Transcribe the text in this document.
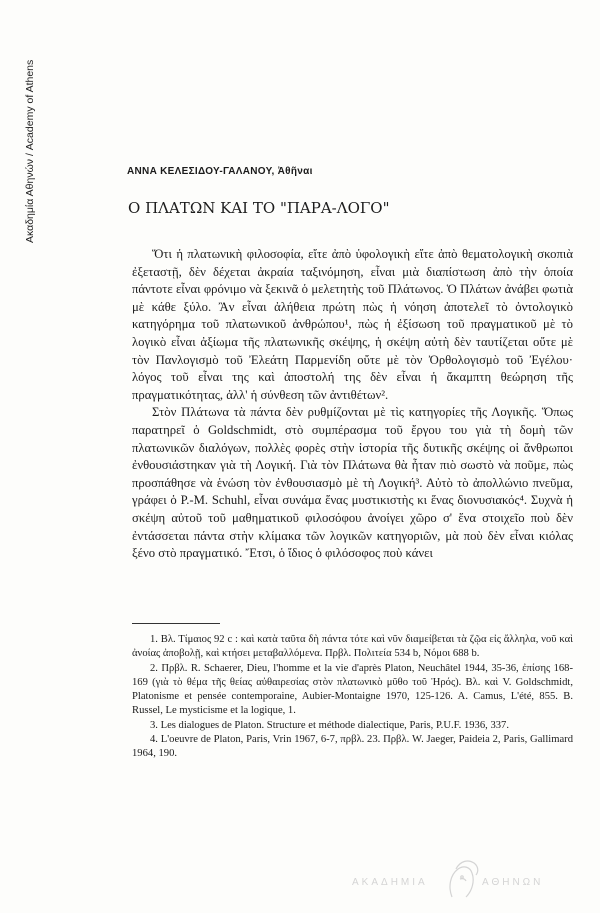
Ακαδημία Αθηνών / Academy of Athens	ΑΝΝΑ ΚΕΛΕΣΙΔΟΥ-ΓΑΛΑΝΟΥ, Ἀθῆναι
Ο ΠΛΑΤΩΝ ΚΑΙ ΤΟ "ΠΑΡΑ-ΛΟΓΟ"

Ὅτι ἡ πλατωνικὴ φιλοσοφία, εἴτε ἀπὸ ὑφολογικὴ εἴτε ἀπὸ θεματολογικὴ σκοπιὰ ἐξεταστῇ, δὲν δέχεται ἀκραία ταξινόμηση, εἶναι μιὰ διαπίστωση ἀπὸ τὴν ὁποία πάντοτε εἶναι φρόνιμο νὰ ξεκινᾶ ὁ μελετητὴς τοῦ Πλάτωνος. Ὁ Πλάτων ἀνάβει φωτιὰ μὲ κάθε ξύλο. Ἂν εἶναι ἀλήθεια πρώτη πὼς ἡ νόηση ἀποτελεῖ τὸ ὀντολογικὸ κατηγόρημα τοῦ πλατωνικοῦ ἀνθρώπου¹, πὼς ἡ ἐξίσωση τοῦ πραγματικοῦ μὲ τὸ λογικὸ εἶναι ἀξίωμα τῆς πλατωνικῆς σκέψης, ἡ σκέψη αὐτὴ δὲν ταυτίζεται οὔτε μὲ τὸν Πανλογισμὸ τοῦ Ἐλεάτη Παρμενίδη οὔτε μὲ τὸν Ὀρθολογισμὸ τοῦ Ἐγέλου· λόγος τοῦ εἶναι της καὶ ἀποστολή της δὲν εἶναι ἡ ἄκαμπτη θεώρηση τῆς πραγματικότητας, ἀλλ' ἡ σύνθεση τῶν ἀντιθέτων².

Στὸν Πλάτωνα τὰ πάντα δὲν ρυθμίζονται μὲ τὶς κατηγορίες τῆς Λογικῆς. Ὅπως παρατηρεῖ ὁ Goldschmidt, στὸ συμπέρασμα τοῦ ἔργου του γιὰ τὴ δομὴ τῶν πλατωνικῶν διαλόγων, πολλὲς φορὲς στὴν ἱστορία τῆς δυτικῆς σκέψης οἱ ἄνθρωποι ἐνθουσιάστηκαν γιὰ τὴ Λογική. Γιὰ τὸν Πλάτωνα θὰ ἦταν πιὸ σωστὸ νὰ ποῦμε, πὼς προσπάθησε νὰ ἑνώση τὸν ἐνθουσιασμὸ μὲ τὴ Λογική³. Αὐτὸ τὸ ἀπολλώνιο πνεῦμα, γράφει ὁ P.-M. Schuhl, εἶναι συνάμα ἕνας μυστικιστὴς κι ἕνας διονυσιακός⁴. Συχνὰ ἡ σκέψη αὐτοῦ τοῦ μαθηματικοῦ φιλοσόφου ἀνοίγει χῶρο σ' ἕνα στοιχεῖο ποὺ δὲν ἐντάσσεται πάντα στὴν κλίμακα τῶν λογικῶν κατηγοριῶν, μὰ ποὺ δὲν εἶναι κιόλας ξένο στὸ πραγματικό. Ἔτσι, ὁ ἴδιος ὁ φιλόσοφος ποὺ κάνει

1. Βλ. Τίμαιος 92 c : καὶ κατὰ ταῦτα δὴ πάντα τότε καὶ νῦν διαμείβεται τὰ ζῷα εἰς ἄλληλα, νοῦ καὶ ἀνοίας ἀποβολῇ, καὶ κτήσει μεταβαλλόμενα. Πρβλ. Πολιτεία 534 b, Νόμοι 688 b.

2. Πρβλ. R. Schaerer, Dieu, l'homme et la vie d'après Platon, Neuchâtel 1944, 35-36, ἐπίσης 168-169 (γιὰ τὸ θέμα τῆς θείας αὐθαιρεσίας στὸν πλατωνικὸ μῦθο τοῦ Ἠρός). Βλ. καὶ V. Goldschmidt, Platonisme et pensée contemporaine, Aubier-Montaigne 1970, 125-126. A. Camus, L'été, 855. B. Russel, Le mysticisme et la logique, 1.

3. Les dialogues de Platon. Structure et méthode dialectique, Paris, P.U.F. 1936, 337.

4. L'oeuvre de Platon, Paris, Vrin 1967, 6-7, πρβλ. 23. Πρβλ. W. Jaeger, Paideia 2, Paris, Gallimard 1964, 190.

ΑΚΑΔΗΜΙΑ	ΑΘΗΝΩΝ
